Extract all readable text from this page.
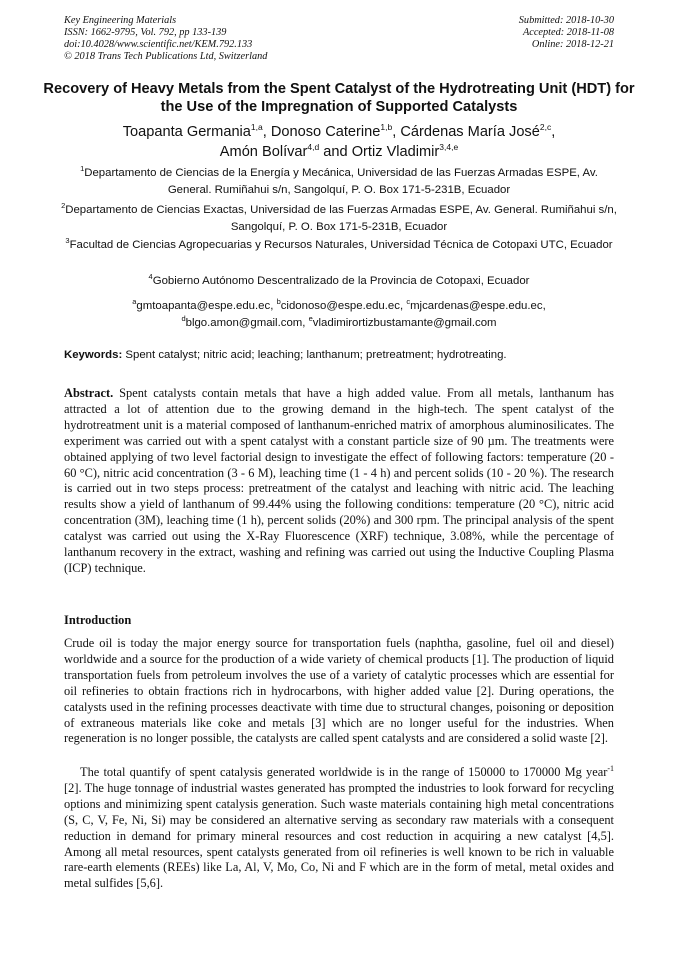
Key Engineering Materials
ISSN: 1662-9795, Vol. 792, pp 133-139
doi:10.4028/www.scientific.net/KEM.792.133
© 2018 Trans Tech Publications Ltd, Switzerland
Submitted: 2018-10-30
Accepted: 2018-11-08
Online: 2018-12-21
Recovery of Heavy Metals from the Spent Catalyst of the Hydrotreating Unit (HDT) for the Use of the Impregnation of Supported Catalysts
Toapanta Germania$^{1,a}$, Donoso Caterine$^{1,b}$, Cárdenas María José$^{2,c}$,
Amón Bolívar$^{4,d}$ and Ortiz Vladimir$^{3,4,e}$
$^1$Departamento de Ciencias de la Energía y Mecánica, Universidad de las Fuerzas Armadas ESPE, Av. General. Rumiñahui s/n, Sangolquí, P. O. Box 171-5-231B, Ecuador
$^2$Departamento de Ciencias Exactas, Universidad de las Fuerzas Armadas ESPE, Av. General. Rumiñahui s/n, Sangolquí, P. O. Box 171-5-231B, Ecuador
$^3$Facultad de Ciencias Agropecuarias y Recursos Naturales, Universidad Técnica de Cotopaxi UTC, Ecuador
$^4$Gobierno Autónomo Descentralizado de la Provincia de Cotopaxi, Ecuador
$^a$gmtoapanta@espe.edu.ec, $^b$cidonoso@espe.edu.ec, $^c$mjcardenas@espe.edu.ec,
$^d$blgo.amon@gmail.com, $^e$vladimirortizbustamante@gmail.com
Keywords: Spent catalyst; nitric acid; leaching; lanthanum; pretreatment; hydrotreating.
Abstract. Spent catalysts contain metals that have a high added value. From all metals, lanthanum has attracted a lot of attention due to the growing demand in the high-tech. The spent catalyst of the hydrotreatment unit is a material composed of lanthanum-enriched matrix of amorphous aluminosilicates. The experiment was carried out with a spent catalyst with a constant particle size of 90 µm. The treatments were obtained applying of two level factorial design to investigate the effect of following factors: temperature (20 - 60 °C), nitric acid concentration (3 - 6 M), leaching time (1 - 4 h) and percent solids (10 - 20 %). The research is carried out in two steps process: pretreatment of the catalyst and leaching with nitric acid. The leaching results show a yield of lanthanum of 99.44% using the following conditions: temperature (20 °C), nitric acid concentration (3M), leaching time (1 h), percent solids (20%) and 300 rpm. The principal analysis of the spent catalyst was carried out using the X-Ray Fluorescence (XRF) technique, 3.08%, while the percentage of lanthanum recovery in the extract, washing and refining was carried out using the Inductive Coupling Plasma (ICP) technique.
Introduction
Crude oil is today the major energy source for transportation fuels (naphtha, gasoline, fuel oil and diesel) worldwide and a source for the production of a wide variety of chemical products [1]. The production of liquid transportation fuels from petroleum involves the use of a variety of catalytic processes which are essential for oil refineries to obtain fractions rich in hydrocarbons, with higher added value [2]. During operations, the catalysts used in the refining processes deactivate with time due to structural changes, poisoning or deposition of extraneous materials like coke and metals [3] which are no longer useful for the industries. When regeneration is no longer possible, the catalysts are called spent catalysts and are considered a solid waste [2].
The total quantify of spent catalysis generated worldwide is in the range of 150000 to 170000 Mg year$^{-1}$ [2]. The huge tonnage of industrial wastes generated has prompted the industries to look forward for recycling options and minimizing spent catalysis generation. Such waste materials containing high metal concentrations (S, C, V, Fe, Ni, Si) may be considered an alternative serving as secondary raw materials with a consequent reduction in demand for primary mineral resources and cost reduction in acquiring a new catalyst [4,5]. Among all metal resources, spent catalysts generated from oil refineries is well known to be rich in valuable rare-earth elements (REEs) like La, Al, V, Mo, Co, Ni and F which are in the form of metal, metal oxides and metal sulfides [5,6].
